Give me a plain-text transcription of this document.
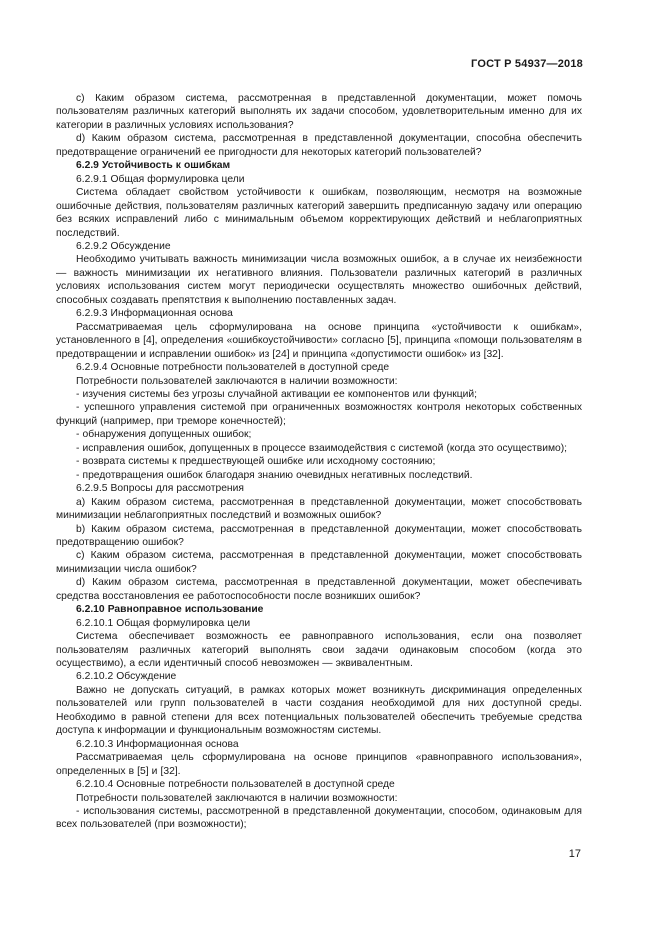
ГОСТ Р 54937—2018

c) Каким образом система, рассмотренная в представленной документации, может помочь пользователям различных категорий выполнять их задачи способом, удовлетворительным именно для их категории в различных условиях использования?

d) Каким образом система, рассмотренная в представленной документации, способна обеспечить предотвращение ограничений ее пригодности для некоторых категорий пользователей?

6.2.9 Устойчивость к ошибкам

6.2.9.1 Общая формулировка цели

Система обладает свойством устойчивости к ошибкам, позволяющим, несмотря на возможные ошибочные действия, пользователям различных категорий завершить предписанную задачу или операцию без всяких исправлений либо с минимальным объемом корректирующих действий и неблагоприятных последствий.

6.2.9.2 Обсуждение

Необходимо учитывать важность минимизации числа возможных ошибок, а в случае их неизбежности — важность минимизации их негативного влияния. Пользователи различных категорий в различных условиях использования систем могут периодически осуществлять множество ошибочных действий, способных создавать препятствия к выполнению поставленных задач.

6.2.9.3 Информационная основа

Рассматриваемая цель сформулирована на основе принципа «устойчивости к ошибкам», установленного в [4], определения «ошибкоустойчивости» согласно [5], принципа «помощи пользователям в предотвращении и исправлении ошибок» из [24] и принципа «допустимости ошибок» из [32].

6.2.9.4 Основные потребности пользователей в доступной среде

Потребности пользователей заключаются в наличии возможности:

- изучения системы без угрозы случайной активации ее компонентов или функций;

- успешного управления системой при ограниченных возможностях контроля некоторых собственных функций (например, при треморе конечностей);

- обнаружения допущенных ошибок;

- исправления ошибок, допущенных в процессе взаимодействия с системой (когда это осуществимо);

- возврата системы к предшествующей ошибке или исходному состоянию;

- предотвращения ошибок благодаря знанию очевидных негативных последствий.

6.2.9.5 Вопросы для рассмотрения

a) Каким образом система, рассмотренная в представленной документации, может способствовать минимизации неблагоприятных последствий и возможных ошибок?

b) Каким образом система, рассмотренная в представленной документации, может способствовать предотвращению ошибок?

c) Каким образом система, рассмотренная в представленной документации, может способствовать минимизации числа ошибок?

d) Каким образом система, рассмотренная в представленной документации, может обеспечивать средства восстановления ее работоспособности после возникших ошибок?

6.2.10 Равноправное использование

6.2.10.1 Общая формулировка цели

Система обеспечивает возможность ее равноправного использования, если она позволяет пользователям различных категорий выполнять свои задачи одинаковым способом (когда это осуществимо), а если идентичный способ невозможен — эквивалентным.

6.2.10.2 Обсуждение

Важно не допускать ситуаций, в рамках которых может возникнуть дискриминация определенных пользователей или групп пользователей в части создания необходимой для них доступной среды. Необходимо в равной степени для всех потенциальных пользователей обеспечить требуемые средства доступа к информации и функциональным возможностям системы.

6.2.10.3 Информационная основа

Рассматриваемая цель сформулирована на основе принципов «равноправного использования», определенных в [5] и [32].

6.2.10.4 Основные потребности пользователей в доступной среде

Потребности пользователей заключаются в наличии возможности:

- использования системы, рассмотренной в представленной документации, способом, одинаковым для всех пользователей (при возможности);

17
